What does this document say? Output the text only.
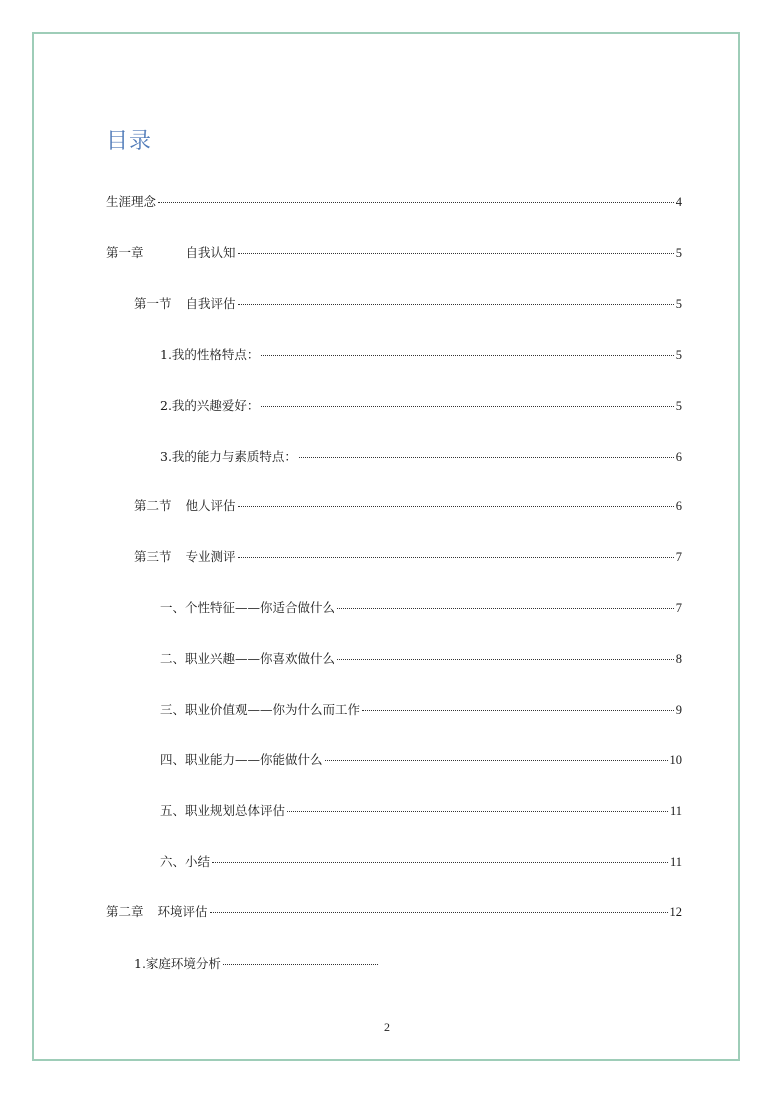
目录
生涯理念	4
第一章	自我认知	5
第一节 自我评估	5
1.我的性格特点：	5
2.我的兴趣爱好：	5
3.我的能力与素质特点：	6
第二节 他人评估	6
第三节 专业测评	7
一、个性特征——你适合做什么	7
二、职业兴趣——你喜欢做什么	8
三、职业价值观——你为什么而工作	9
四、职业能力——你能做什么	10
五、职业规划总体评估	11
六、小结	11
第二章 环境评估	12
1.家庭环境分析
2
